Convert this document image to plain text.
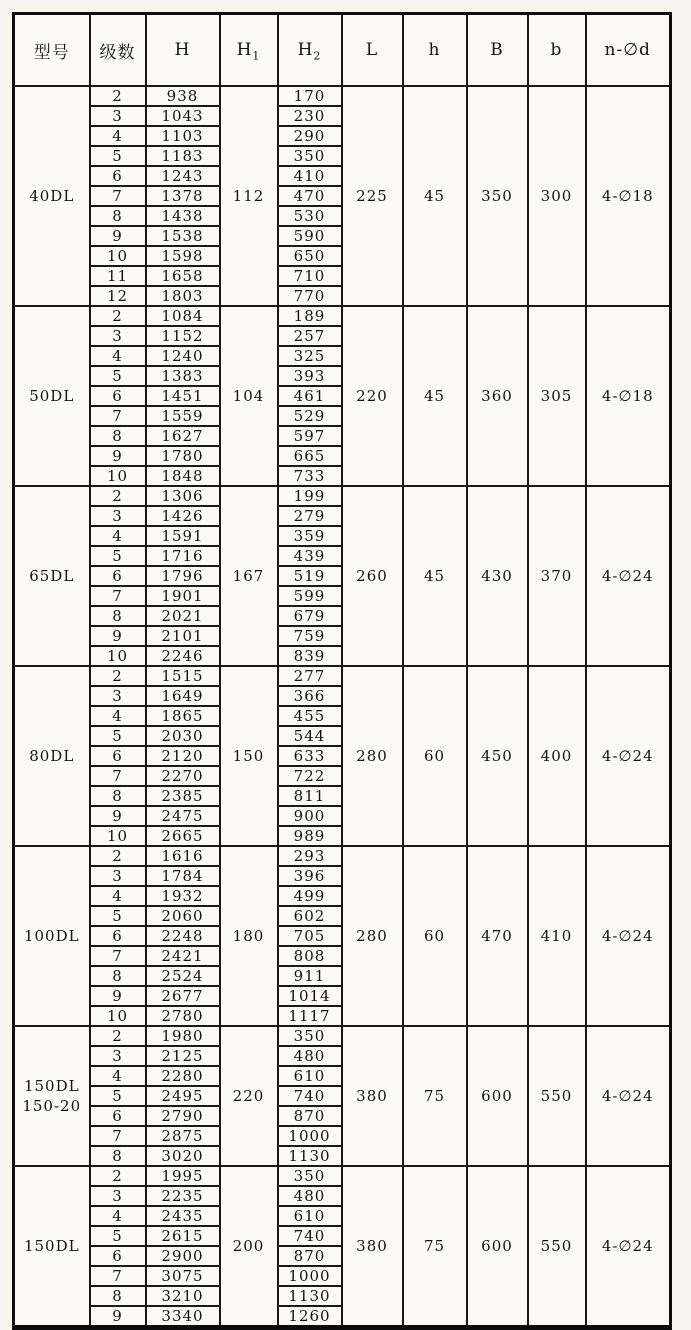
型号	级数	H	$H_1$	$H_2$	L	h	B	b	n-∅d

40DL	2	938	112	170	225	45	350	300	4-∅18
	3	1043		230					
	4	1103		290					
	5	1183		350					
	6	1243		410					
	7	1378		470					
	8	1438		530					
	9	1538		590					
	10	1598		650					
	11	1658		710					
	12	1803		770					

50DL	2	1084	104	189	220	45	360	305	4-∅18
	3	1152		257					
	4	1240		325					
	5	1383		393					
	6	1451		461					
	7	1559		529					
	8	1627		597					
	9	1780		665					
	10	1848		733					

65DL	2	1306	167	199	260	45	430	370	4-∅24
	3	1426		279					
	4	1591		359					
	5	1716		439					
	6	1796		519					
	7	1901		599					
	8	2021		679					
	9	2101		759					
	10	2246		839					

80DL	2	1515	150	277	280	60	450	400	4-∅24
	3	1649		366					
	4	1865		455					
	5	2030		544					
	6	2120		633					
	7	2270		722					
	8	2385		811					
	9	2475		900					
	10	2665		989					

100DL	2	1616	180	293	280	60	470	410	4-∅24
	3	1784		396					
	4	1932		499					
	5	2060		602					
	6	2248		705					
	7	2421		808					
	8	2524		911					
	9	2677		1014					
	10	2780		1117					

150DL
150-20	2	1980	220	350	380	75	600	550	4-∅24
	3	2125		480					
	4	2280		610					
	5	2495		740					
	6	2790		870					
	7	2875		1000					
	8	3020		1130					

150DL	2	1995	200	350	380	75	600	550	4-∅24
	3	2235		480					
	4	2435		610					
	5	2615		740					
	6	2900		870					
	7	3075		1000					
	8	3210		1130					
	9	3340		1260					
